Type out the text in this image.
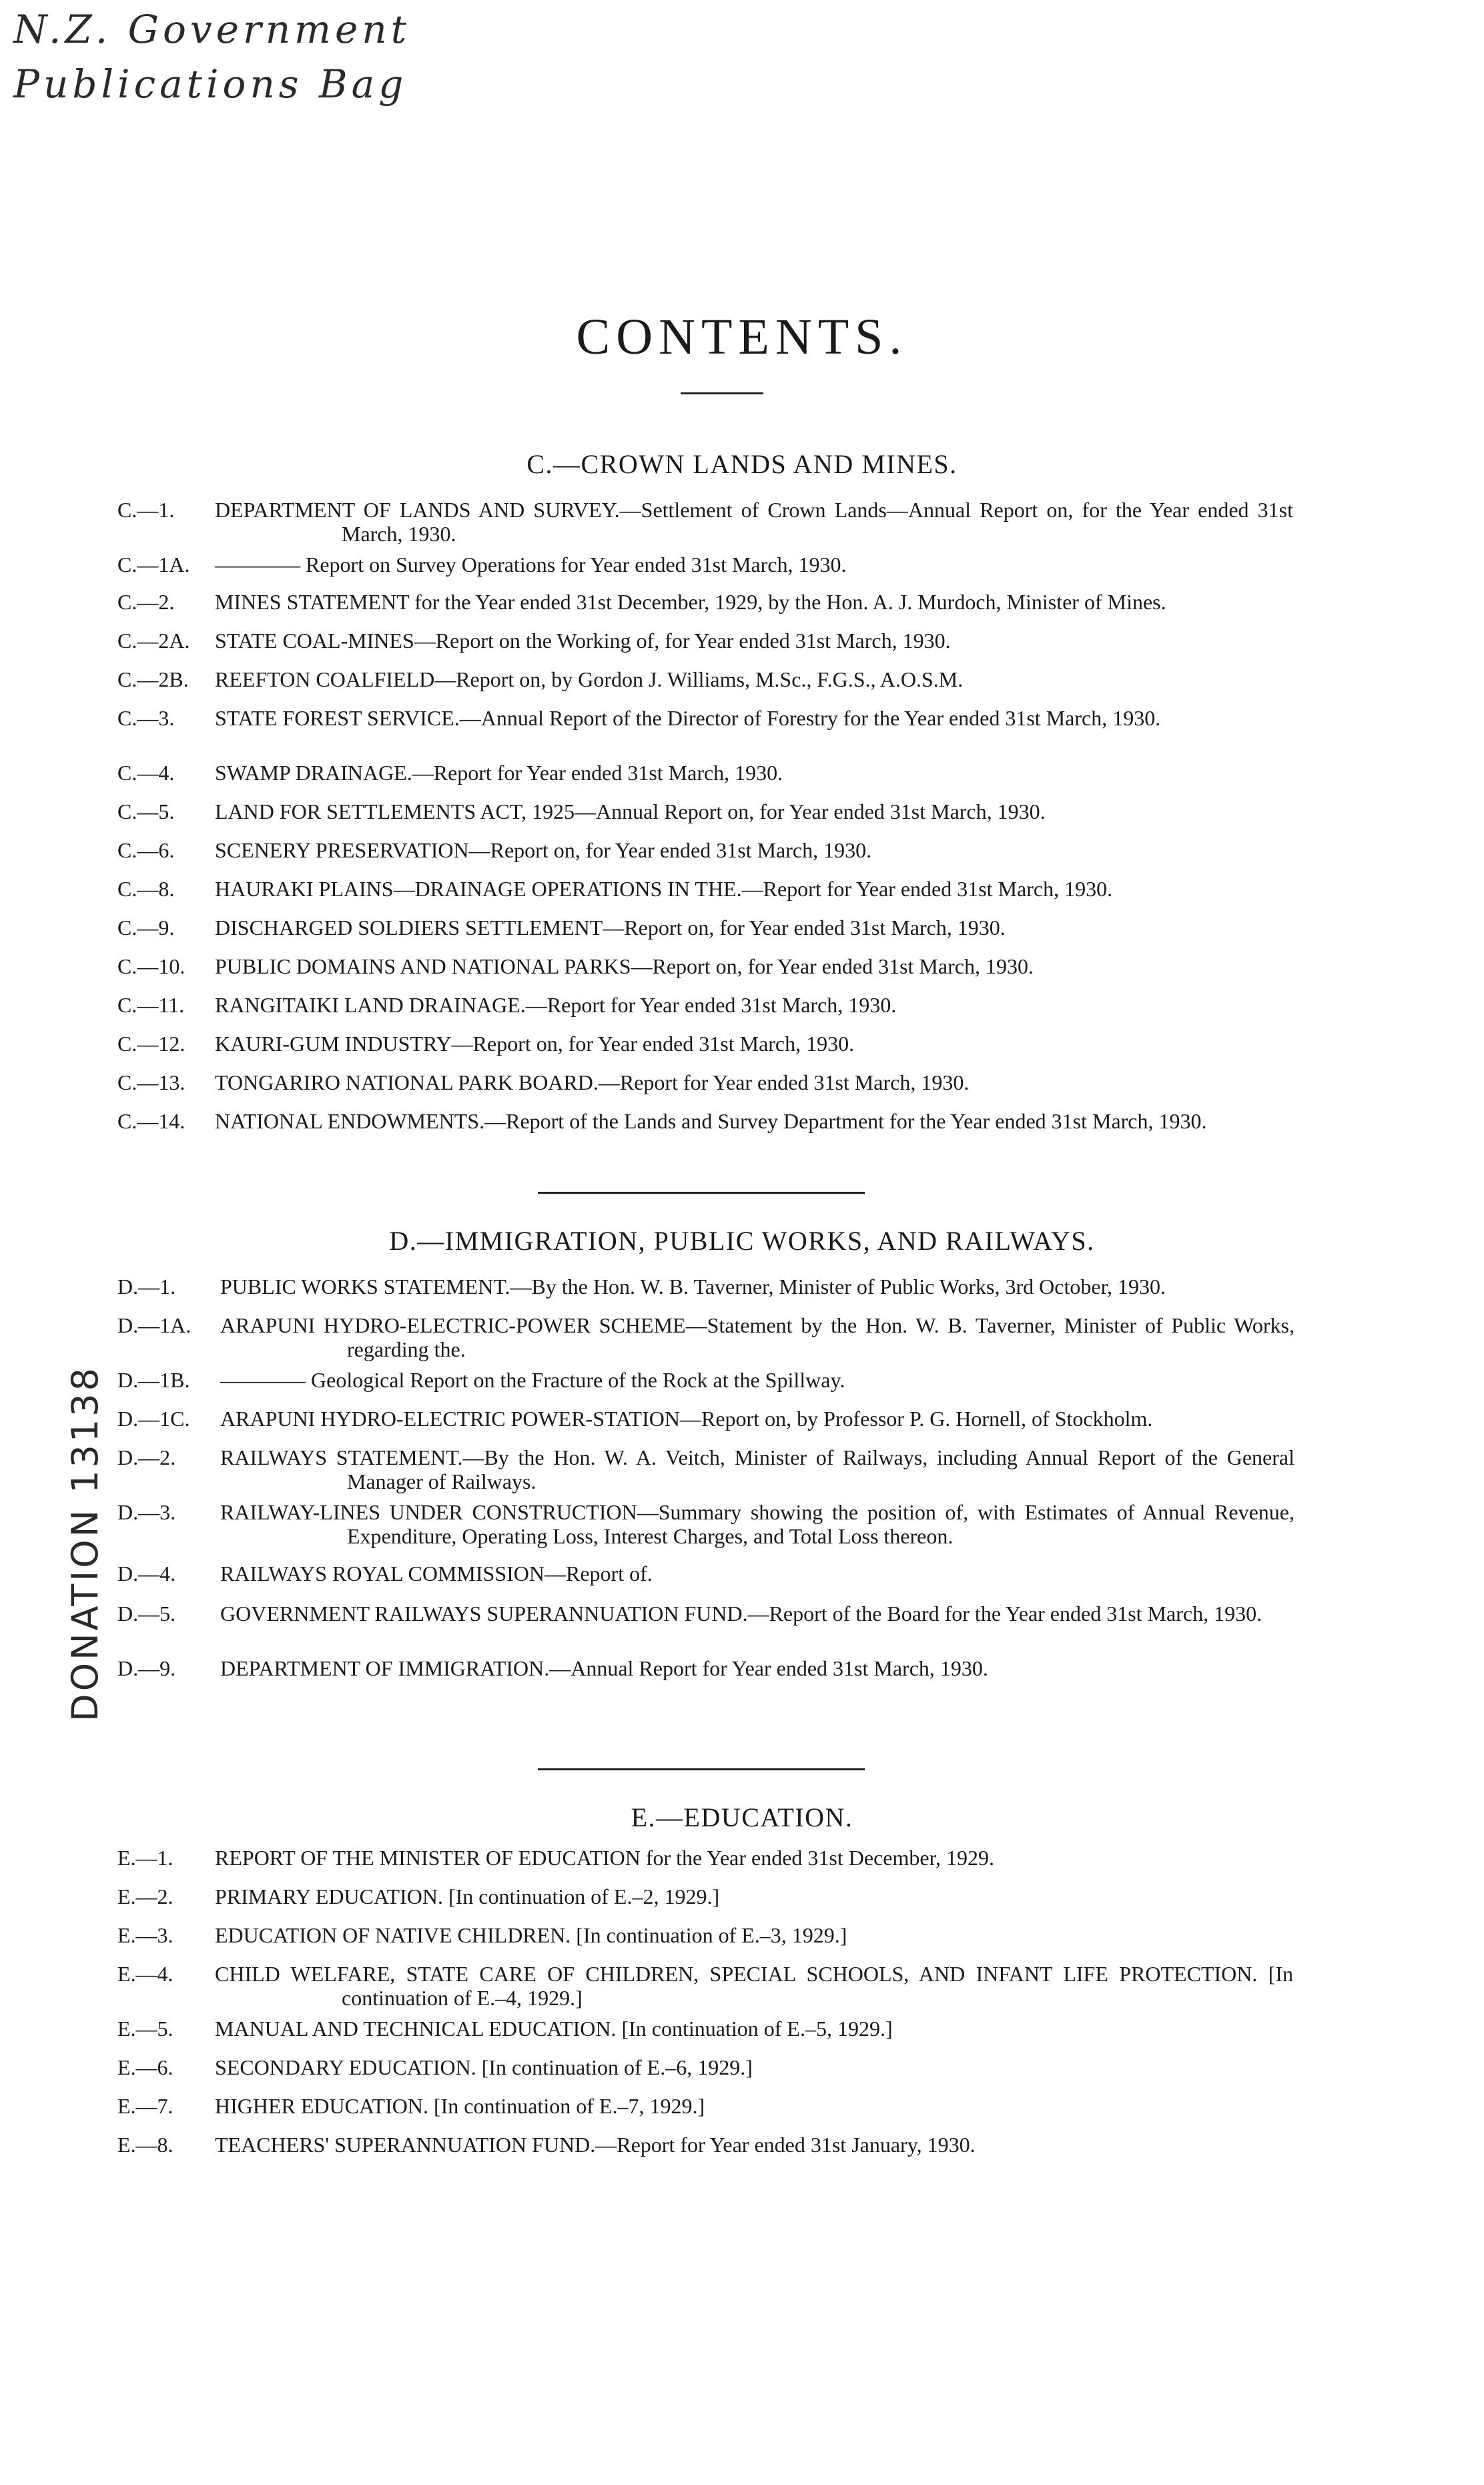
N.Z. Government
Publications Bag
DONATION 13138
CONTENTS.
C.—CROWN LANDS AND MINES.
C.—1. DEPARTMENT OF LANDS AND SURVEY.—Settlement of Crown Lands—Annual Report on, for the Year ended 31st March, 1930.
C.—1A. ———— Report on Survey Operations for Year ended 31st March, 1930.
C.—2. MINES STATEMENT for the Year ended 31st December, 1929, by the Hon. A. J. Murdoch, Minister of Mines.
C.—2A. STATE COAL-MINES—Report on the Working of, for Year ended 31st March, 1930.
C.—2B. REEFTON COALFIELD—Report on, by Gordon J. Williams, M.Sc., F.G.S., A.O.S.M.
C.—3. STATE FOREST SERVICE.—Annual Report of the Director of Forestry for the Year ended 31st March, 1930.
C.—4. SWAMP DRAINAGE.—Report for Year ended 31st March, 1930.
C.—5. LAND FOR SETTLEMENTS ACT, 1925—Annual Report on, for Year ended 31st March, 1930.
C.—6. SCENERY PRESERVATION—Report on, for Year ended 31st March, 1930.
C.—8. HAURAKI PLAINS—DRAINAGE OPERATIONS IN THE.—Report for Year ended 31st March, 1930.
C.—9. DISCHARGED SOLDIERS SETTLEMENT—Report on, for Year ended 31st March, 1930.
C.—10. PUBLIC DOMAINS AND NATIONAL PARKS—Report on, for Year ended 31st March, 1930.
C.—11. RANGITAIKI LAND DRAINAGE.—Report for Year ended 31st March, 1930.
C.—12. KAURI-GUM INDUSTRY—Report on, for Year ended 31st March, 1930.
C.—13. TONGARIRO NATIONAL PARK BOARD.—Report for Year ended 31st March, 1930.
C.—14. NATIONAL ENDOWMENTS.—Report of the Lands and Survey Department for the Year ended 31st March, 1930.
D.—IMMIGRATION, PUBLIC WORKS, AND RAILWAYS.
D.—1. PUBLIC WORKS STATEMENT.—By the Hon. W. B. Taverner, Minister of Public Works, 3rd October, 1930.
D.—1A. ARAPUNI HYDRO-ELECTRIC-POWER SCHEME—Statement by the Hon. W. B. Taverner, Minister of Public Works, regarding the.
D.—1B. ———— Geological Report on the Fracture of the Rock at the Spillway.
D.—1C. ARAPUNI HYDRO-ELECTRIC POWER-STATION—Report on, by Professor P. G. Hornell, of Stockholm.
D.—2. RAILWAYS STATEMENT.—By the Hon. W. A. Veitch, Minister of Railways, including Annual Report of the General Manager of Railways.
D.—3. RAILWAY-LINES UNDER CONSTRUCTION—Summary showing the position of, with Estimates of Annual Revenue, Expenditure, Operating Loss, Interest Charges, and Total Loss thereon.
D.—4. RAILWAYS ROYAL COMMISSION—Report of.
D.—5. GOVERNMENT RAILWAYS SUPERANNUATION FUND.—Report of the Board for the Year ended 31st March, 1930.
D.—9. DEPARTMENT OF IMMIGRATION.—Annual Report for Year ended 31st March, 1930.
E.—EDUCATION.
E.—1. REPORT OF THE MINISTER OF EDUCATION for the Year ended 31st December, 1929.
E.—2. PRIMARY EDUCATION. [In continuation of E.–2, 1929.]
E.—3. EDUCATION OF NATIVE CHILDREN. [In continuation of E.–3, 1929.]
E.—4. CHILD WELFARE, STATE CARE OF CHILDREN, SPECIAL SCHOOLS, AND INFANT LIFE PROTECTION. [In continuation of E.–4, 1929.]
E.—5. MANUAL AND TECHNICAL EDUCATION. [In continuation of E.–5, 1929.]
E.—6. SECONDARY EDUCATION. [In continuation of E.–6, 1929.]
E.—7. HIGHER EDUCATION. [In continuation of E.–7, 1929.]
E.—8. TEACHERS' SUPERANNUATION FUND.—Report for Year ended 31st January, 1930.
